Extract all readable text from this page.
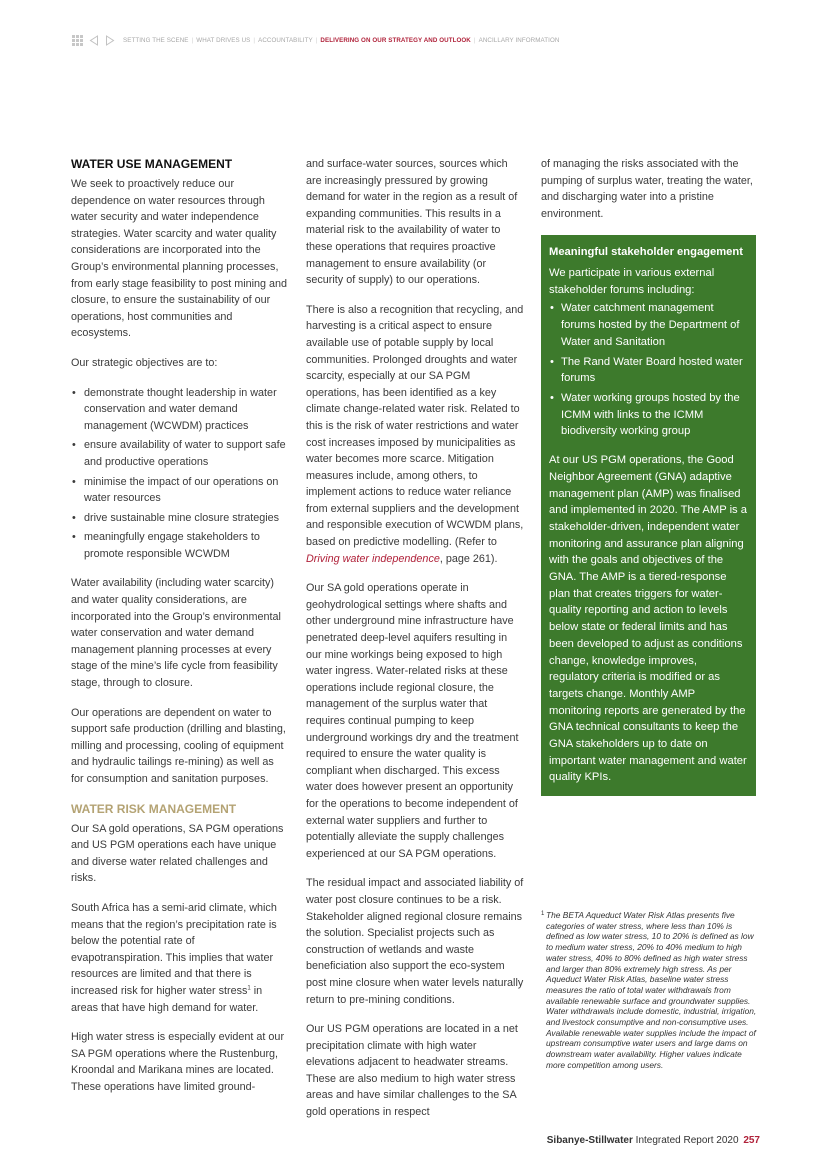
SETTING THE SCENE | WHAT DRIVES US | ACCOUNTABILITY | DELIVERING ON OUR STRATEGY AND OUTLOOK | ANCILLARY INFORMATION
WATER USE MANAGEMENT

We seek to proactively reduce our dependence on water resources through water security and water independence strategies. Water scarcity and water quality considerations are incorporated into the Group’s environmental planning processes, from early stage feasibility to post mining and closure, to ensure the sustainability of our operations, host communities and ecosystems.

Our strategic objectives are to:

• demonstrate thought leadership in water conservation and water demand management (WCWDM) practices
• ensure availability of water to support safe and productive operations
• minimise the impact of our operations on water resources
• drive sustainable mine closure strategies
• meaningfully engage stakeholders to promote responsible WCWDM

Water availability (including water scarcity) and water quality considerations, are incorporated into the Group’s environmental water conservation and water demand management planning processes at every stage of the mine’s life cycle from feasibility stage, through to closure.

Our operations are dependent on water to support safe production (drilling and blasting, milling and processing, cooling of equipment and hydraulic tailings re-mining) as well as for consumption and sanitation purposes.

WATER RISK MANAGEMENT

Our SA gold operations, SA PGM operations and US PGM operations each have unique and diverse water related challenges and risks.

South Africa has a semi-arid climate, which means that the region’s precipitation rate is below the potential rate of evapotranspiration. This implies that water resources are limited and that there is increased risk for higher water stress$^1$ in areas that have high demand for water.

High water stress is especially evident at our SA PGM operations where the Rustenburg, Kroondal and Marikana mines are located. These operations have limited ground-

and surface-water sources, sources which are increasingly pressured by growing demand for water in the region as a result of expanding communities. This results in a material risk to the availability of water to these operations that requires proactive management to ensure availability (or security of supply) to our operations.

There is also a recognition that recycling, and harvesting is a critical aspect to ensure available use of potable supply by local communities. Prolonged droughts and water scarcity, especially at our SA PGM operations, has been identified as a key climate change-related water risk. Related to this is the risk of water restrictions and water cost increases imposed by municipalities as water becomes more scarce. Mitigation measures include, among others, to implement actions to reduce water reliance from external suppliers and the development and responsible execution of WCWDM plans, based on predictive modelling. (Refer to Driving water independence, page 261).

Our SA gold operations operate in geohydrological settings where shafts and other underground mine infrastructure have penetrated deep-level aquifers resulting in our mine workings being exposed to high water ingress. Water-related risks at these operations include regional closure, the management of the surplus water that requires continual pumping to keep underground workings dry and the treatment required to ensure the water quality is compliant when discharged. This excess water does however present an opportunity for the operations to become independent of external water suppliers and further to potentially alleviate the supply challenges experienced at our SA PGM operations.

The residual impact and associated liability of water post closure continues to be a risk. Stakeholder aligned regional closure remains the solution. Specialist projects such as construction of wetlands and waste beneficiation also support the eco-system post mine closure when water levels naturally return to pre-mining conditions.

Our US PGM operations are located in a net precipitation climate with high water elevations adjacent to headwater streams. These are also medium to high water stress areas and have similar challenges to the SA gold operations in respect

of managing the risks associated with the pumping of surplus water, treating the water, and discharging water into a pristine environment.

Meaningful stakeholder engagement

We participate in various external stakeholder forums including:

• Water catchment management forums hosted by the Department of Water and Sanitation
• The Rand Water Board hosted water forums
• Water working groups hosted by the ICMM with links to the ICMM biodiversity working group

At our US PGM operations, the Good Neighbor Agreement (GNA) adaptive management plan (AMP) was finalised and implemented in 2020. The AMP is a stakeholder-driven, independent water monitoring and assurance plan aligning with the goals and objectives of the GNA. The AMP is a tiered-response plan that creates triggers for water-quality reporting and action to levels below state or federal limits and has been developed to adjust as conditions change, knowledge improves, regulatory criteria is modified or as targets change. Monthly AMP monitoring reports are generated by the GNA technical consultants to keep the GNA stakeholders up to date on important water management and water quality KPIs.

1 The BETA Aqueduct Water Risk Atlas presents five categories of water stress, where less than 10% is defined as low water stress, 10 to 20% is defined as low to medium water stress, 20% to 40% medium to high water stress, 40% to 80% defined as high water stress and larger than 80% extremely high stress. As per Aqueduct Water Risk Atlas, baseline water stress measures the ratio of total water withdrawals from available renewable surface and groundwater supplies. Water withdrawals include domestic, industrial, irrigation, and livestock consumptive and non-consumptive uses. Available renewable water supplies include the impact of upstream consumptive water users and large dams on downstream water availability. Higher values indicate more competition among users.
Sibanye-Stillwater Integrated Report 2020 257
